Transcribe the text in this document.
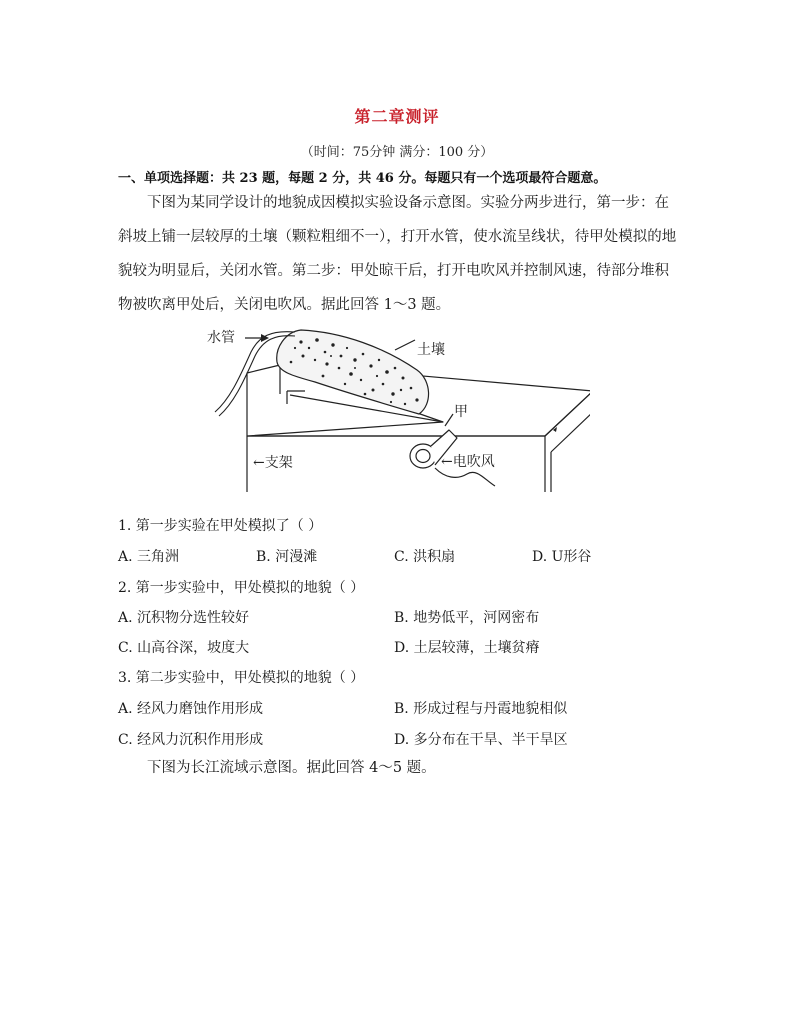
第二章测评
（时间：75分钟 满分：100 分）
一、单项选择题：共 23 题，每题 2 分，共 46 分。每题只有一个选项最符合题意。
下图为某同学设计的地貌成因模拟实验设备示意图。实验分两步进行，第一步：在斜坡上铺一层较厚的土壤（颗粒粗细不一），打开水管，使水流呈线状，待甲处模拟的地貌较为明显后，关闭水管。第二步：甲处晾干后，打开电吹风并控制风速，待部分堆积物被吹离甲处后，关闭电吹风。据此回答 1～3 题。
水管
土壤
甲
←支架	←电吹风
1. 第一步实验在甲处模拟了（ ）
A. 三角洲	B. 河漫滩	C. 洪积扇	D. U形谷
2. 第一步实验中，甲处模拟的地貌（ ）
A. 沉积物分选性较好	B. 地势低平，河网密布
C. 山高谷深，坡度大	D. 土层较薄，土壤贫瘠
3. 第二步实验中，甲处模拟的地貌（ ）
A. 经风力磨蚀作用形成	B. 形成过程与丹霞地貌相似
C. 经风力沉积作用形成	D. 多分布在干旱、半干旱区
下图为长江流域示意图。据此回答 4～5 题。
